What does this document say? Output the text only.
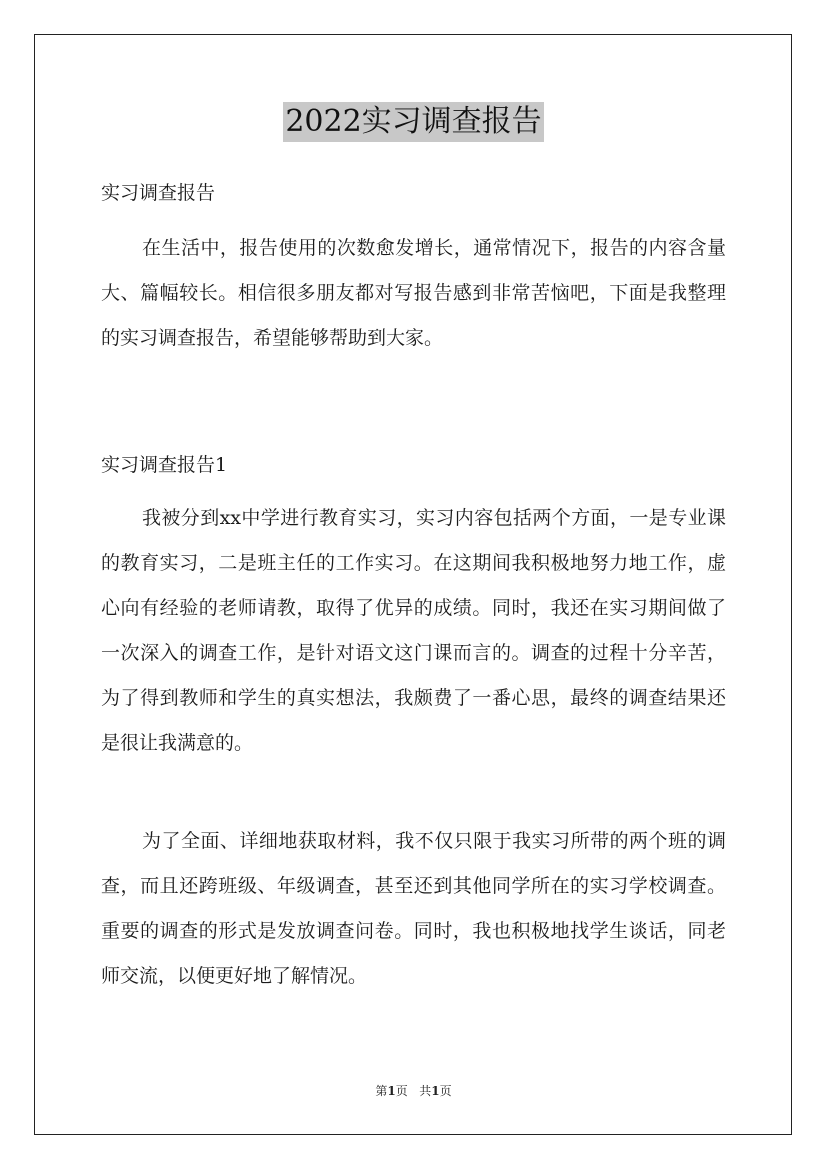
2022实习调查报告

实习调查报告

在生活中，报告使用的次数愈发增长，通常情况下，报告的内容含量大、篇幅较长。相信很多朋友都对写报告感到非常苦恼吧，下面是我整理的实习调查报告，希望能够帮助到大家。

实习调查报告1

我被分到xx中学进行教育实习，实习内容包括两个方面，一是专业课的教育实习，二是班主任的工作实习。在这期间我积极地努力地工作，虚心向有经验的老师请教，取得了优异的成绩。同时，我还在实习期间做了一次深入的调查工作，是针对语文这门课而言的。调查的过程十分辛苦，为了得到教师和学生的真实想法，我颇费了一番心思，最终的调查结果还是很让我满意的。

为了全面、详细地获取材料，我不仅只限于我实习所带的两个班的调查，而且还跨班级、年级调查，甚至还到其他同学所在的实习学校调查。重要的调查的形式是发放调查问卷。同时，我也积极地找学生谈话，同老师交流，以便更好地了解情况。

第1页 共1页
